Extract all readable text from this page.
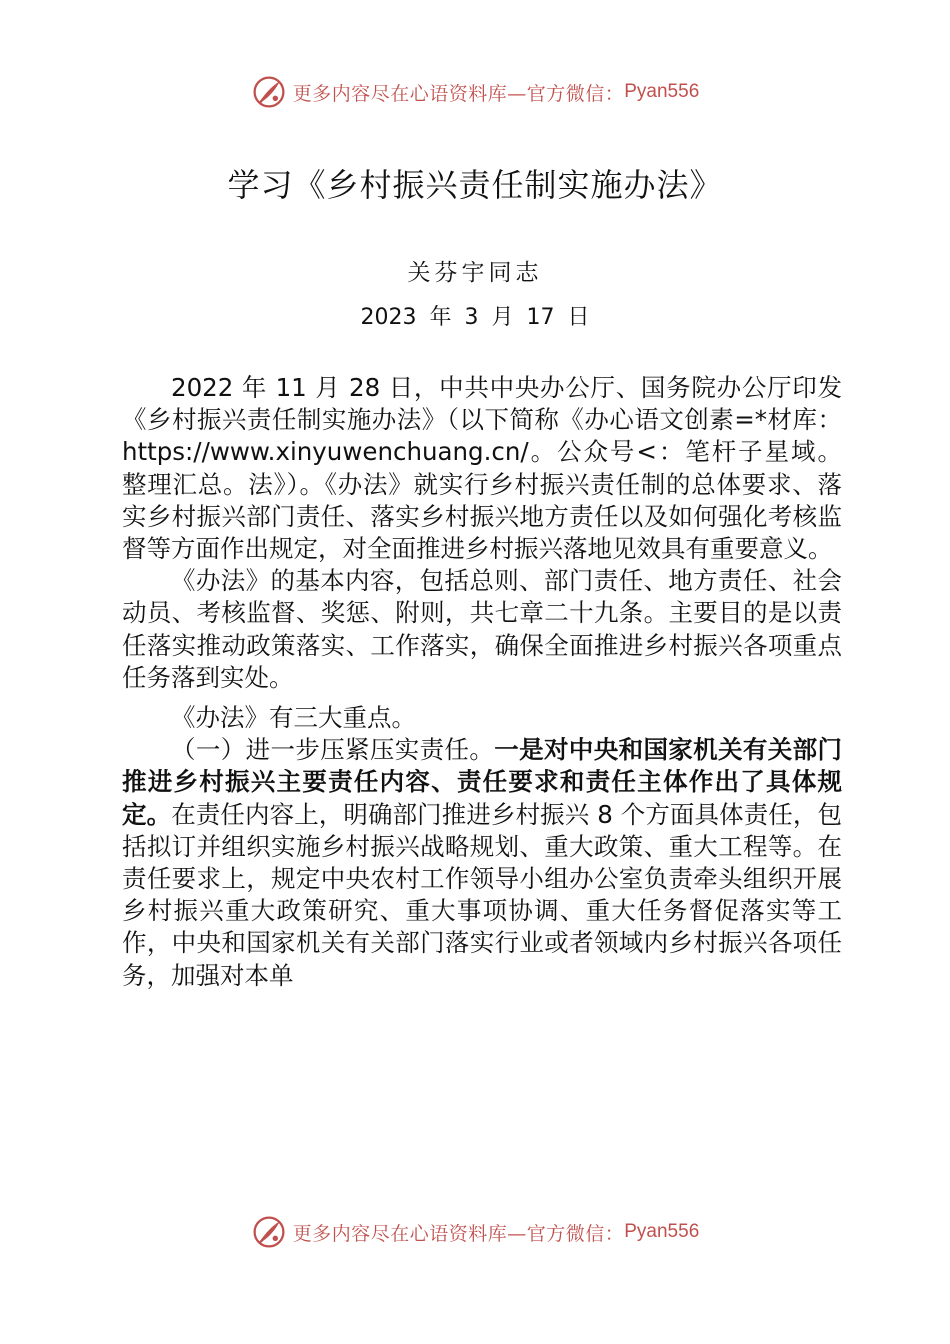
更多内容尽在心语资料库—官方微信： Pyan556
学习《乡村振兴责任制实施办法》
关芬宇同志
2023 年 3 月 17 日

2022 年 11 月 28 日，中共中央办公厅、国务院办公厅印发《乡村振兴责任制实施办法》（以下简称《办心语文创素=*材库：https://www.xinyuwenchuang.cn/。公众号<：笔杆子星域。整理汇总。法》）。《办法》就实行乡村振兴责任制的总体要求、落实乡村振兴部门责任、落实乡村振兴地方责任以及如何强化考核监督等方面作出规定，对全面推进乡村振兴落地见效具有重要意义。

《办法》的基本内容，包括总则、部门责任、地方责任、社会动员、考核监督、奖惩、附则，共七章二十九条。主要目的是以责任落实推动政策落实、工作落实，确保全面推进乡村振兴各项重点任务落到实处。

《办法》有三大重点。

（一）进一步压紧压实责任。一是对中央和国家机关有关部门推进乡村振兴主要责任内容、责任要求和责任主体作出了具体规定。在责任内容上，明确部门推进乡村振兴 8 个方面具体责任，包括拟订并组织实施乡村振兴战略规划、重大政策、重大工程等。在责任要求上，规定中央农村工作领导小组办公室负责牵头组织开展乡村振兴重大政策研究、重大事项协调、重大任务督促落实等工作，中央和国家机关有关部门落实行业或者领域内乡村振兴各项任务，加强对本单

更多内容尽在心语资料库—官方微信： Pyan556
